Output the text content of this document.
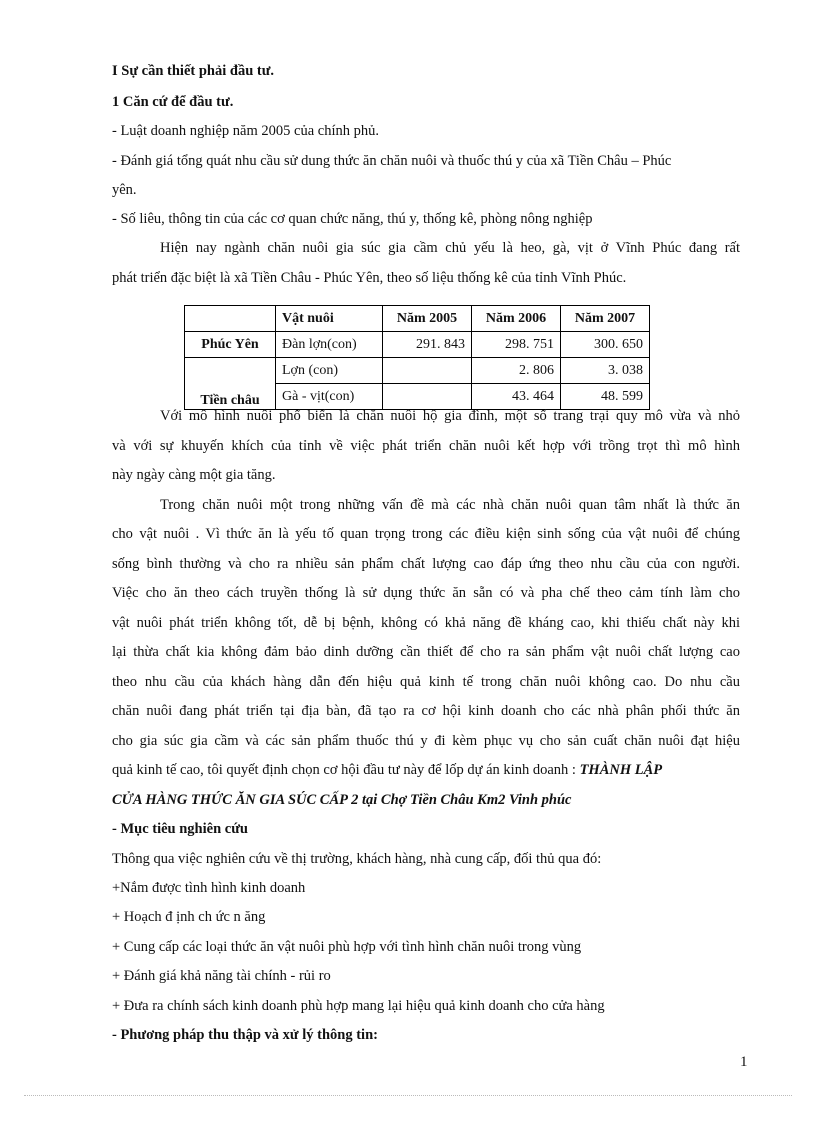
I Sự cần thiết phải đầu tư.
1 Căn cứ để đầu tư.
- Luật doanh nghiệp năm 2005 của chính phủ.
- Đánh giá tổng quát nhu cầu sử dung thức ăn chăn nuôi và thuốc thú y của xã Tiền Châu – Phúc
yên.
- Số liêu, thông tin của các cơ quan chức năng, thú y, thống kê, phòng nông nghiệp
Hiện nay ngành chăn nuôi gia súc gia cầm chủ yếu là heo, gà, vịt ở Vĩnh Phúc đang rất
phát triển đặc biệt là xã Tiền Châu - Phúc Yên, theo số liệu thống kê của tỉnh Vĩnh Phúc.
	Vật nuôi	Năm 2005	Năm 2006	Năm 2007
Phúc Yên	Đàn lợn(con)	291. 843	298. 751	300. 650
Tiền châu	Lợn (con)		2. 806	3. 038
	Gà - vịt(con)		43. 464	48. 599
Với mô hình nuôi phổ biến là chăn nuôi hộ gia đình, một số trang trại quy mô vừa và nhỏ
và với sự khuyến khích của tỉnh về việc phát triển chăn nuôi kết hợp với trồng trọt thì mô hình
này ngày càng một gia tăng.
Trong chăn nuôi một trong những vấn đề mà các nhà chăn nuôi quan tâm nhất là thức ăn
cho vật nuôi . Vì thức ăn là yếu tố quan trọng trong các điều kiện sinh sống của vật nuôi để chúng
sống bình thường và cho ra nhiều sản phẩm chất lượng cao đáp ứng theo nhu cầu của con người.
Việc cho ăn theo cách truyền thống là sử dụng thức ăn sẵn có và pha chế theo cảm tính làm cho
vật nuôi phát triển không tốt, dễ bị bệnh, không có khả năng đề kháng cao, khi thiếu chất này khi
lại thừa chất kia không đảm bảo dinh dưỡng cần thiết để cho ra sản phẩm vật nuôi chất lượng cao
theo nhu cầu của khách hàng dẫn đến hiệu quả kinh tế trong chăn nuôi không cao. Do nhu cầu
chăn nuôi đang phát triển tại địa bàn, đã tạo ra cơ hội kinh doanh cho các nhà phân phối thức ăn
cho gia súc gia cầm và các sản phẩm thuốc thú y đi kèm phục vụ cho sản cuất chăn nuôi đạt hiệu
quả kinh tế cao, tôi quyết định chọn cơ hội đầu tư này để lốp dự án kinh doanh : THÀNH LẬP
CỬA HÀNG THỨC ĂN GIA SÚC CẤP 2 tại Chợ Tiền Châu Km2 Vinh phúc
- Mục tiêu nghiên cứu
Thông qua việc nghiên cứu về thị trường, khách hàng, nhà cung cấp, đối thủ qua đó:
+Nắm được tình hình kinh doanh
+ Hoạch đ ịnh ch ức n ăng
+ Cung cấp các loại thức ăn vật nuôi phù hợp với tình hình chăn nuôi trong vùng
+ Đánh giá khả năng tài chính - rủi ro
+ Đưa ra chính sách kinh doanh phù hợp mang lại hiệu quả kinh doanh cho cửa hàng
- Phương pháp thu thập và xử lý thông tin:
1
